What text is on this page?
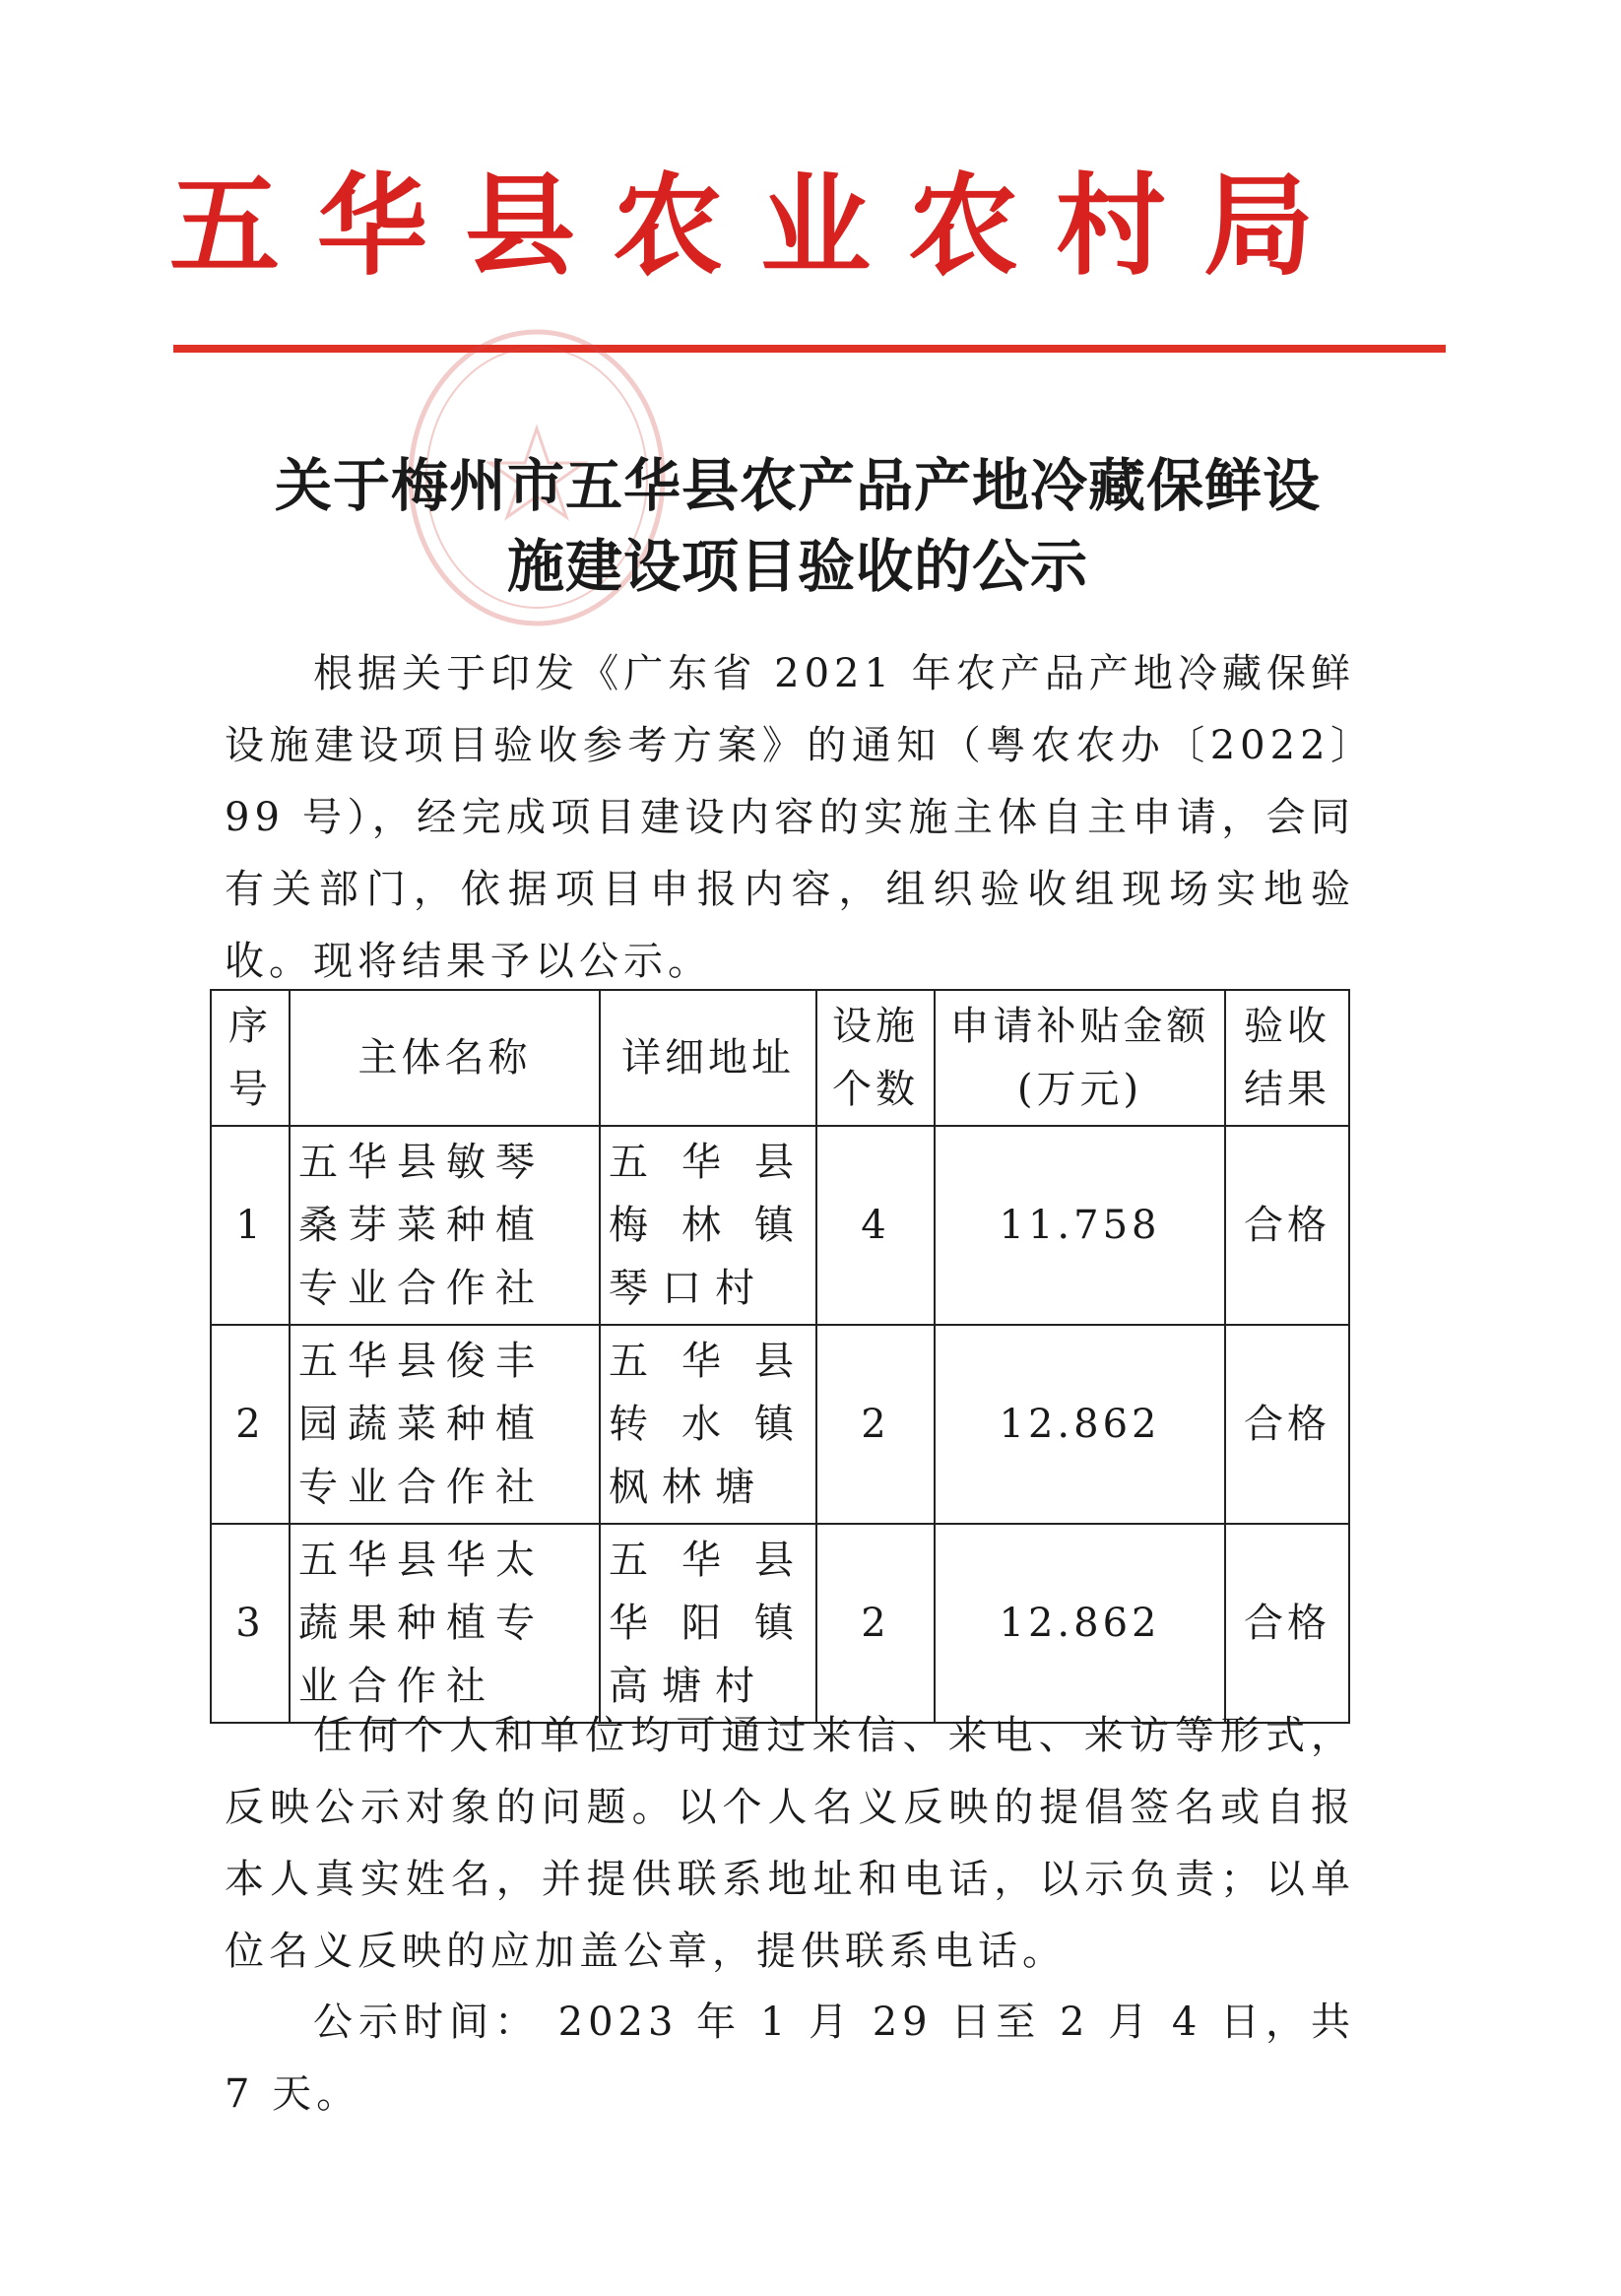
五华县农业农村局
关于梅州市五华县农产品产地冷藏保鲜设
施建设项目验收的公示
根据关于印发《广东省 2021 年农产品产地冷藏保鲜设施建设项目验收参考方案》的通知（粤农农办〔2022〕99 号），经完成项目建设内容的实施主体自主申请，会同有关部门，依据项目申报内容，组织验收组现场实地验收。现将结果予以公示。
序号	主体名称	详细地址	设施个数	申请补贴金额(万元)	验收结果
1	五华县敏琴桑芽菜种植专业合作社	五华县梅林镇琴口村	4	11.758	合格
2	五华县俊丰园蔬菜种植专业合作社	五华县转水镇枫林塘	2	12.862	合格
3	五华县华太蔬果种植专业合作社	五华县华阳镇高塘村	2	12.862	合格
任何个人和单位均可通过来信、来电、来访等形式，反映公示对象的问题。以个人名义反映的提倡签名或自报本人真实姓名，并提供联系地址和电话，以示负责；以单位名义反映的应加盖公章，提供联系电话。
公示时间： 2023 年 1 月 29 日至 2 月 4 日，共 7 天。
